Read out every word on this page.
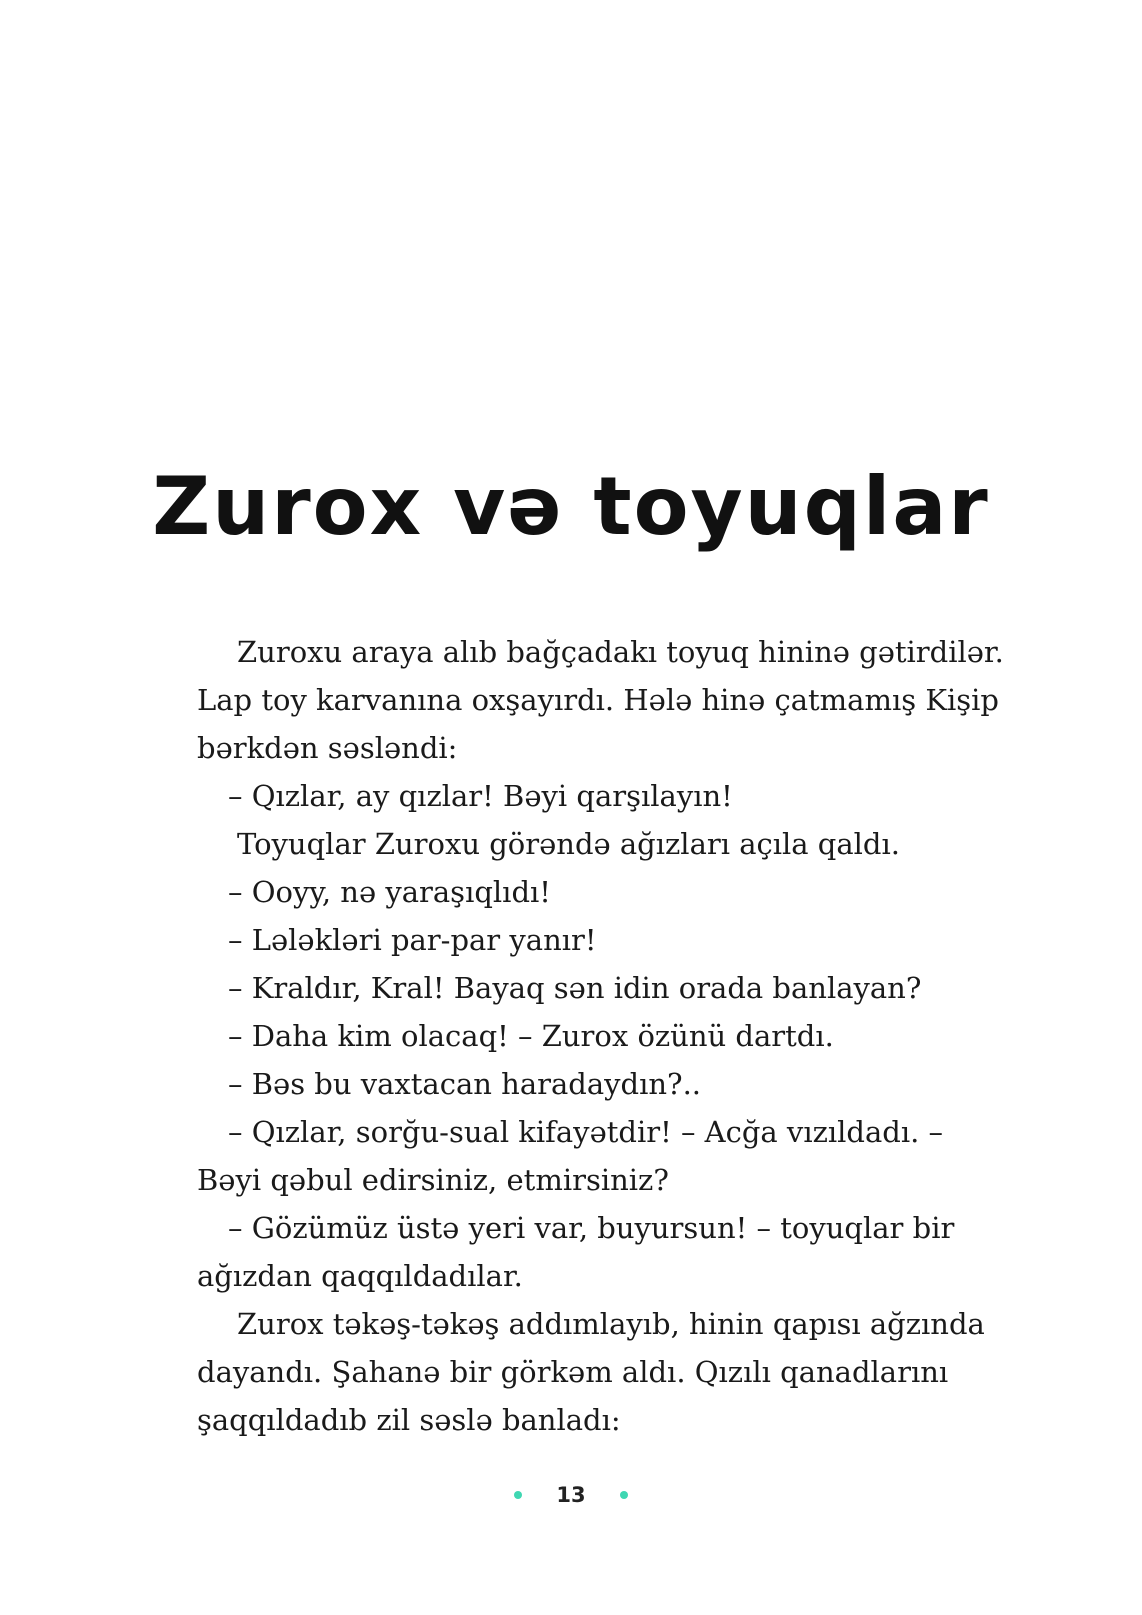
Zurox və toyuqlar
Zuroxu araya alıb bağçadakı toyuq hininə gətirdilər.
Lap toy karvanına oxşayırdı. Hələ hinə çatmamış Kişip
bərkdən səsləndi:
– Qızlar, ay qızlar! Bəyi qarşılayın!
Toyuqlar Zuroxu görəndə ağızları açıla qaldı.
– Ooyy, nə yaraşıqlıdı!
– Lələkləri par-par yanır!
– Kraldır, Kral! Bayaq sən idin orada banlayan?
– Daha kim olacaq! – Zurox özünü dartdı.
– Bəs bu vaxtacan haradaydın?..
– Qızlar, sorğu-sual kifayətdir! – Acğa vızıldadı. –
Bəyi qəbul edirsiniz, etmirsiniz?
– Gözümüz üstə yeri var, buyursun! – toyuqlar bir
ağızdan qaqqıldadılar.
Zurox təkəş-təkəş addımlayıb, hinin qapısı ağzında
dayandı. Şahanə bir görkəm aldı. Qızılı qanadlarını
şaqqıldadıb zil səslə banladı:
13
